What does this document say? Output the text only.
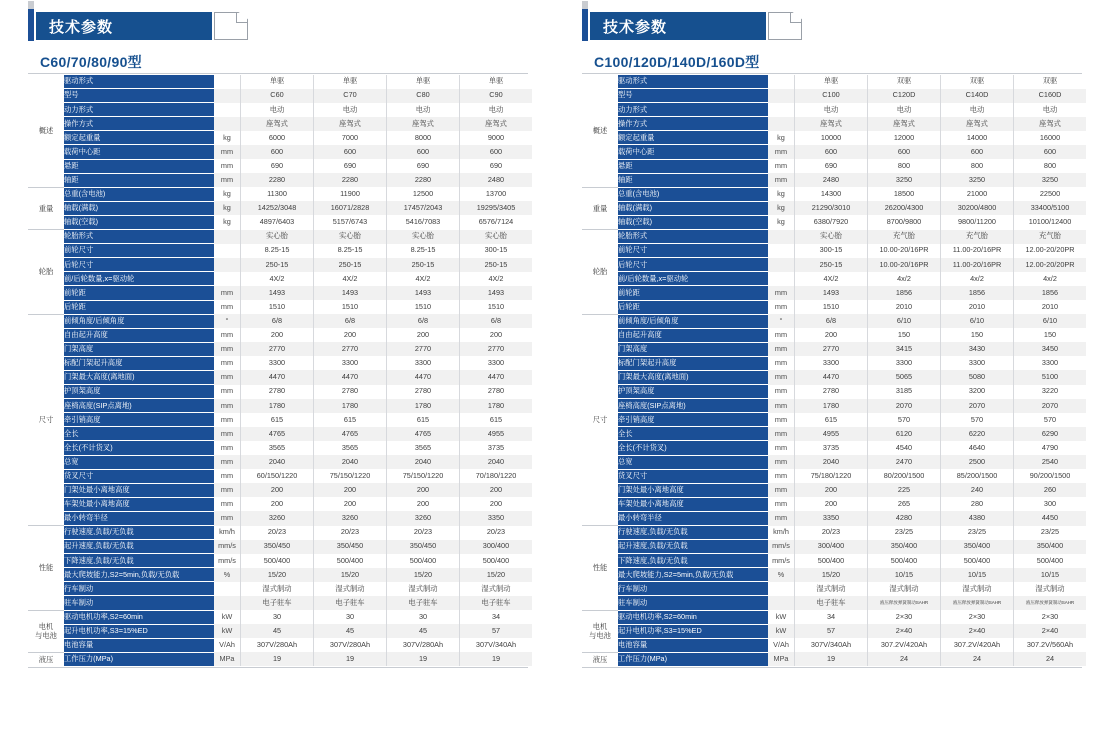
技术参数
C60/70/80/90型
概述	驱动形式		单驱	单驱	单驱	单驱
	型号		C60	C70	C80	C90
	动力形式		电动	电动	电动	电动
	操作方式		座驾式	座驾式	座驾式	座驾式
	额定起重量	kg	6000	7000	8000	9000
	载荷中心距	mm	600	600	600	600
	悬距	mm	690	690	690	690
	轴距	mm	2280	2280	2280	2480

重量	总重(含电池)	kg	11300	11900	12500	13700
	轴载(满载)	kg	14252/3048	16071/2828	17457/2043	19295/3405
	轴载(空载)	kg	4897/6403	5157/6743	5416/7083	6576/7124

轮胎	轮胎形式		实心胎	实心胎	实心胎	实心胎
	前轮尺寸		8.25-15	8.25-15	8.25-15	300-15
	后轮尺寸		250-15	250-15	250-15	250-15
	前/后轮数量,x=驱动轮		4X/2	4X/2	4X/2	4X/2
	前轮距	mm	1493	1493	1493	1493
	后轮距	mm	1510	1510	1510	1510

尺寸	前倾角度/后倾角度	°	6/8	6/8	6/8	6/8
	自由起升高度	mm	200	200	200	200
	门架高度	mm	2770	2770	2770	2770
	标配门架起升高度	mm	3300	3300	3300	3300
	门架最大高度(离地面)	mm	4470	4470	4470	4470
	护顶架高度	mm	2780	2780	2780	2780
	座椅高度(SIP点离地)	mm	1780	1780	1780	1780
	牵引销高度	mm	615	615	615	615
	全长	mm	4765	4765	4765	4955
	全长(不计货叉)	mm	3565	3565	3565	3735
	总宽	mm	2040	2040	2040	2040
	货叉尺寸	mm	60/150/1220	75/150/1220	75/150/1220	70/180/1220
	门架处最小离地高度	mm	200	200	200	200
	车架处最小离地高度	mm	200	200	200	200
	最小转弯半径	mm	3260	3260	3260	3350

性能	行驶速度,负载/无负载	km/h	20/23	20/23	20/23	20/23
	起升速度,负载/无负载	mm/s	350/450	350/450	350/450	300/400
	下降速度,负载/无负载	mm/s	500/400	500/400	500/400	500/400
	最大爬坡能力,S2=5min,负载/无负载	%	15/20	15/20	15/20	15/20
	行车制动		湿式制动	湿式制动	湿式制动	湿式制动
	驻车制动		电子驻车	电子驻车	电子驻车	电子驻车

电机
与电池	驱动电机功率,S2=60min	kW	30	30	30	34
	起升电机功率,S3=15%ED	kW	45	45	45	57
	电池容量	V/Ah	307V/280Ah	307V/280Ah	307V/280Ah	307V/340Ah

液压	工作压力(MPa)	MPa	19	19	19	19
技术参数
C100/120D/140D/160D型
概述	驱动形式		单驱	双驱	双驱	双驱
	型号		C100	C120D	C140D	C160D
	动力形式		电动	电动	电动	电动
	操作方式		座驾式	座驾式	座驾式	座驾式
	额定起重量	kg	10000	12000	14000	16000
	载荷中心距	mm	600	600	600	600
	悬距	mm	690	800	800	800
	轴距	mm	2480	3250	3250	3250

重量	总重(含电池)	kg	14300	18500	21000	22500
	轴载(满载)	kg	21290/3010	26200/4300	30200/4800	33400/5100
	轴载(空载)	kg	6380/7920	8700/9800	9800/11200	10100/12400

轮胎	轮胎形式		实心胎	充气胎	充气胎	充气胎
	前轮尺寸		300-15	10.00-20/16PR	11.00-20/16PR	12.00-20/20PR
	后轮尺寸		250-15	10.00-20/16PR	11.00-20/16PR	12.00-20/20PR
	前/后轮数量,x=驱动轮		4X/2	4x/2	4x/2	4x/2
	前轮距	mm	1493	1856	1856	1856
	后轮距	mm	1510	2010	2010	2010

尺寸	前倾角度/后倾角度	°	6/8	6/10	6/10	6/10
	自由起升高度	mm	200	150	150	150
	门架高度	mm	2770	3415	3430	3450
	标配门架起升高度	mm	3300	3300	3300	3300
	门架最大高度(离地面)	mm	4470	5065	5080	5100
	护顶架高度	mm	2780	3185	3200	3220
	座椅高度(SIP点离地)	mm	1780	2070	2070	2070
	牵引销高度	mm	615	570	570	570
	全长	mm	4955	6120	6220	6290
	全长(不计货叉)	mm	3735	4540	4640	4790
	总宽	mm	2040	2470	2500	2540
	货叉尺寸	mm	75/180/1220	80/200/1500	85/200/1500	90/200/1500
	门架处最小离地高度	mm	200	225	240	260
	车架处最小离地高度	mm	200	265	280	300
	最小转弯半径	mm	3350	4280	4380	4450

性能	行驶速度,负载/无负载	km/h	20/23	23/25	23/25	23/25
	起升速度,负载/无负载	mm/s	300/400	350/400	350/400	350/400
	下降速度,负载/无负载	mm/s	500/400	500/400	500/400	500/400
	最大爬坡能力,S2=5min,负载/无负载	%	15/20	10/15	10/15	10/15
	行车制动		湿式制动	湿式制动	湿式制动	湿式制动
	驻车制动		电子驻车	液压释放弹簧制动SAHR	液压释放弹簧制动SAHR	液压释放弹簧制动SAHR

电机
与电池	驱动电机功率,S2=60min	kW	34	2×30	2×30	2×30
	起升电机功率,S3=15%ED	kW	57	2×40	2×40	2×40
	电池容量	V/Ah	307V/340Ah	307.2V/420Ah	307.2V/420Ah	307.2V/560Ah

液压	工作压力(MPa)	MPa	19	24	24	24
